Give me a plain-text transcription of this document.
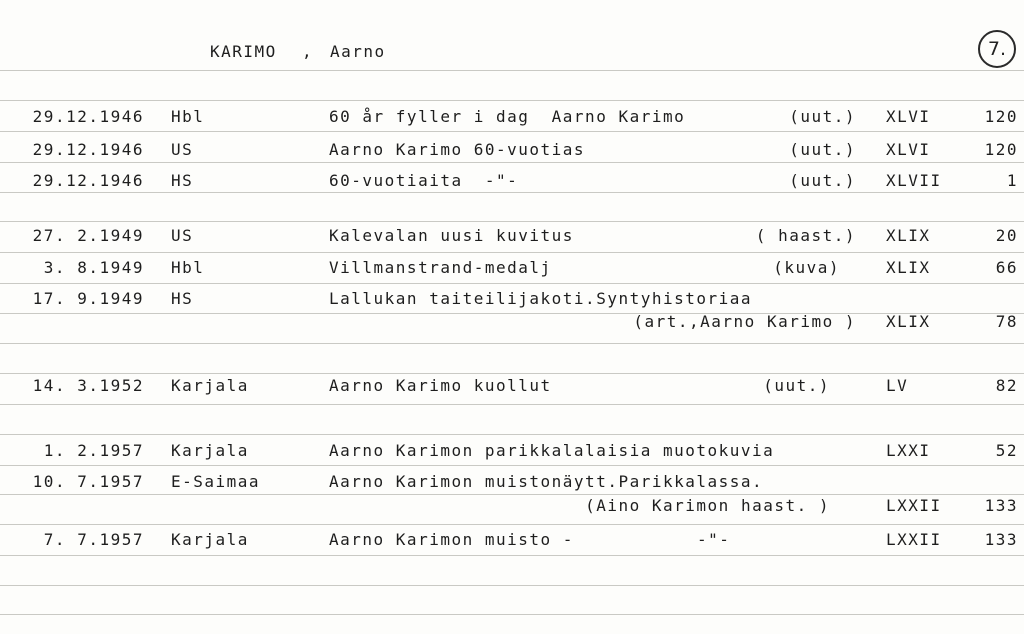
KARIMO , Aarno	7.
29.12.1946 Hbl	60 år fyller i dag  Aarno Karimo	(uut.) XLVI	120
29.12.1946 US	Aarno Karimo 60-vuotias	(uut.) XLVI	120
29.12.1946 HS	60-vuotiaita  -"-	(uut.) XLVII	1
27. 2.1949 US	Kalevalan uusi kuvitus	( haast.) XLIX	20
3. 8.1949 Hbl	Villmanstrand-medalj	(kuva)	XLIX	66
17. 9.1949 HS	Lallukan taiteilijakoti.Syntyhistoriaa
(art.,Aarno Karimo ) XLIX	78
14. 3.1952 Karjala	Aarno Karimo kuollut	(uut.)	LV	82
1. 2.1957 Karjala	Aarno Karimon parikkalalaisia muotokuvia	LXXI	52
10. 7.1957 E-Saimaa	Aarno Karimon muistonäytt.Parikkalassa.
(Aino Karimon haast. )	LXXII	133
7. 7.1957 Karjala	Aarno Karimon muisto -	-"-	LXXII	133
